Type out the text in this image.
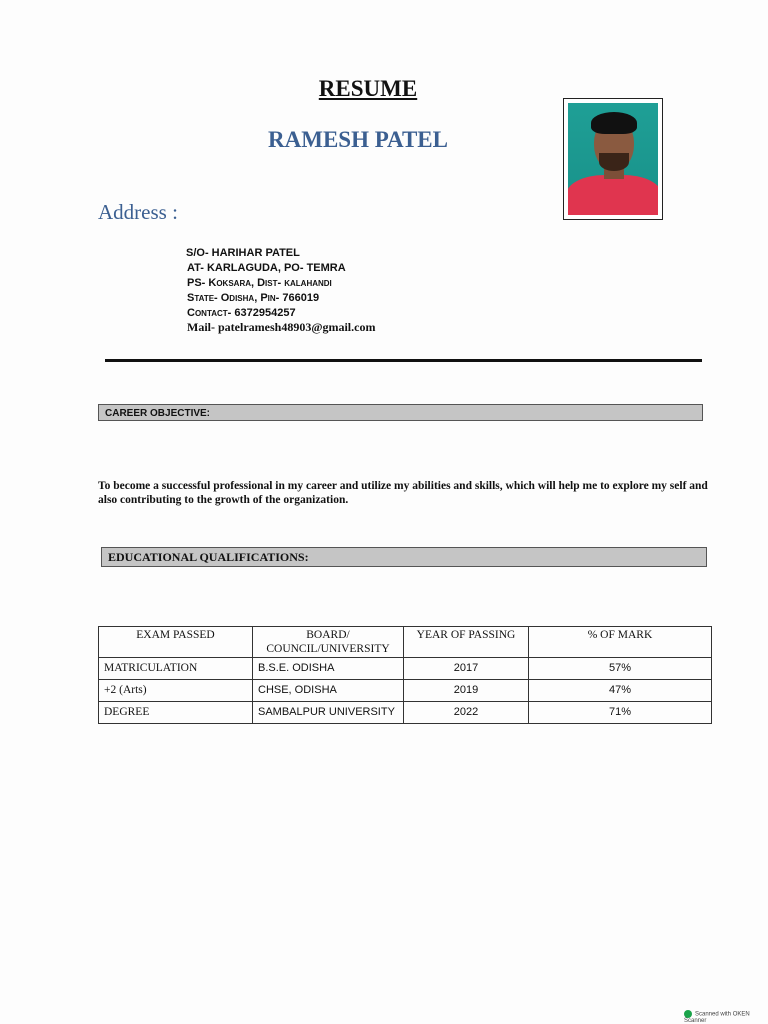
RESUME
RAMESH PATEL
Address :
S/O- HARIHAR PATEL
AT- KARLAGUDA, PO- TEMRA
PS- Koksara, Dist- kalahandi
State- Odisha, Pin- 766019
Contact- 6372954257
Mail- patelramesh48903@gmail.com
CAREER OBJECTIVE:
To become a successful professional in my career and utilize my abilities and skills, which will help me to explore my self and also contributing to the growth of the organization.
EDUCATIONAL QUALIFICATIONS:
EXAM PASSED	BOARD/ COUNCIL/UNIVERSITY	YEAR OF PASSING	% OF MARK
MATRICULATION	B.S.E. ODISHA	2017	57%
+2 (Arts)	CHSE, ODISHA	2019	47%
DEGREE	SAMBALPUR UNIVERSITY	2022	71%
Scanned with OKEN Scanner
